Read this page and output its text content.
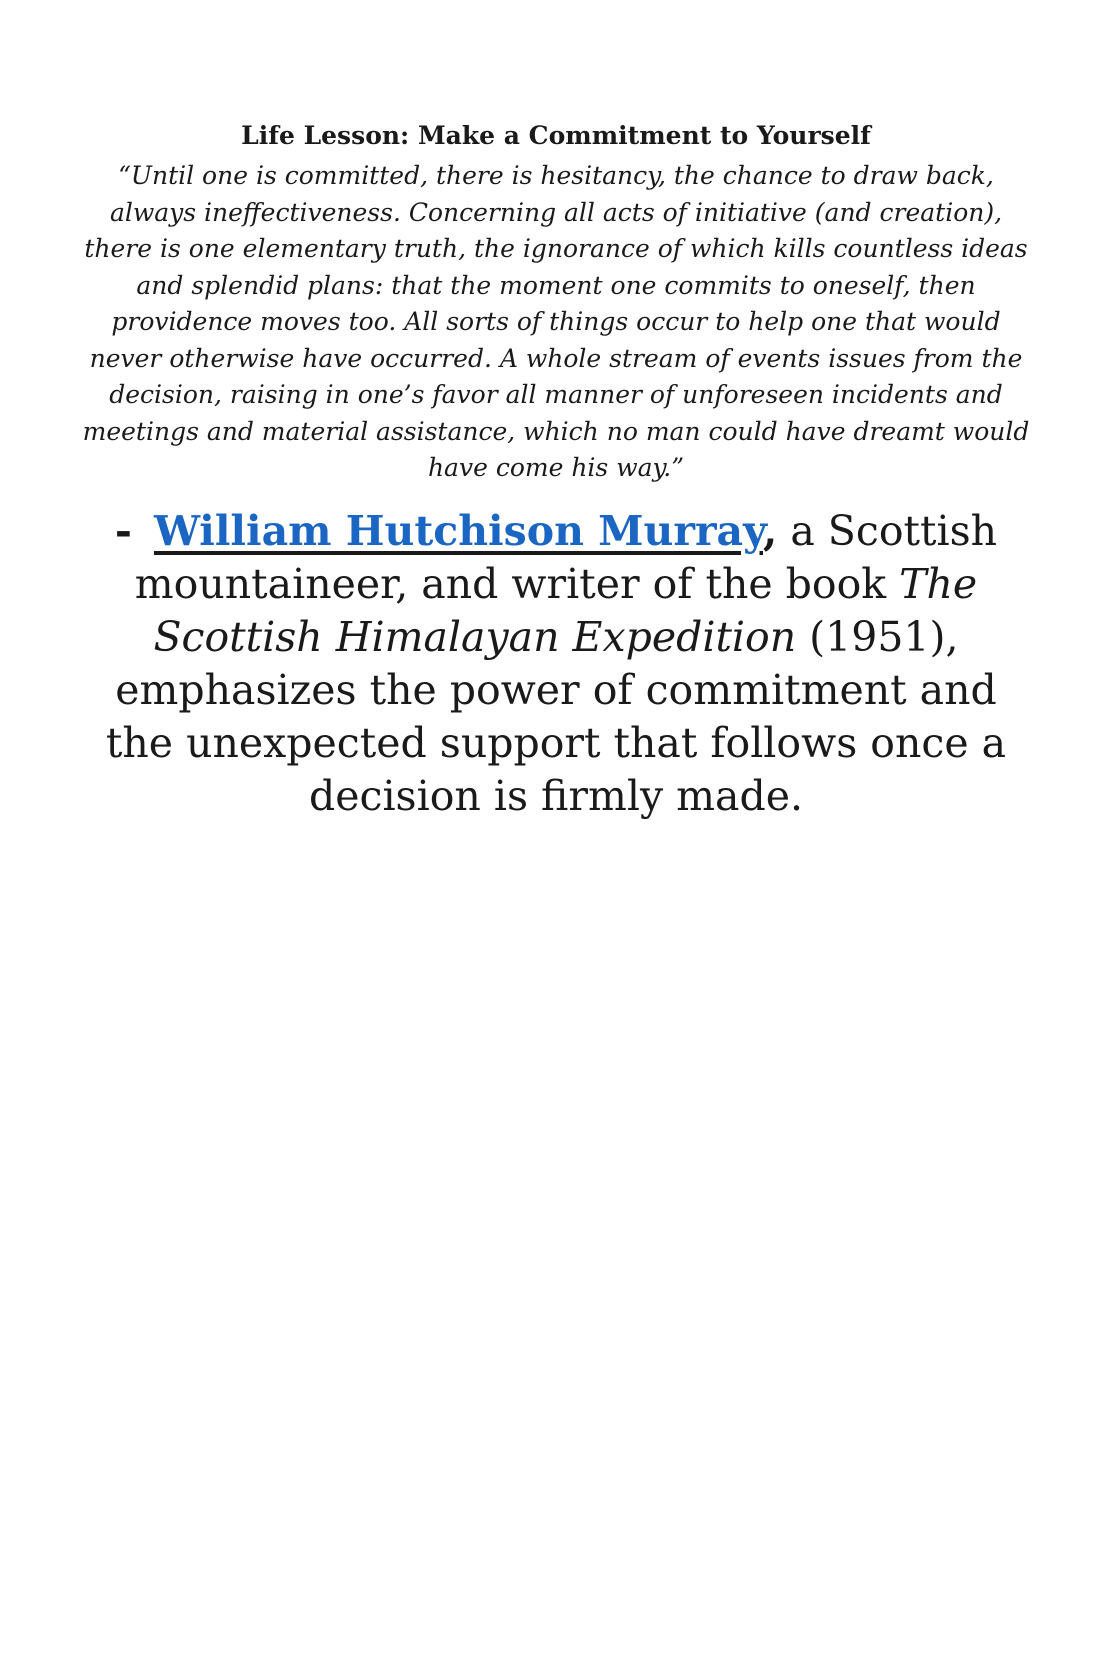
Life Lesson: Make a Commitment to Yourself

“Until one is committed, there is hesitancy, the chance to draw back, always ineffectiveness. Concerning all acts of initiative (and creation), there is one elementary truth, the ignorance of which kills countless ideas and splendid plans: that the moment one commits to oneself, then providence moves too. All sorts of things occur to help one that would never otherwise have occurred. A whole stream of events issues from the decision, raising in one’s favor all manner of unforeseen incidents and meetings and material assistance, which no man could have dreamt would have come his way.”

- William Hutchison Murray, a Scottish mountaineer, and writer of the book The Scottish Himalayan Expedition (1951), emphasizes the power of commitment and the unexpected support that follows once a decision is firmly made.
